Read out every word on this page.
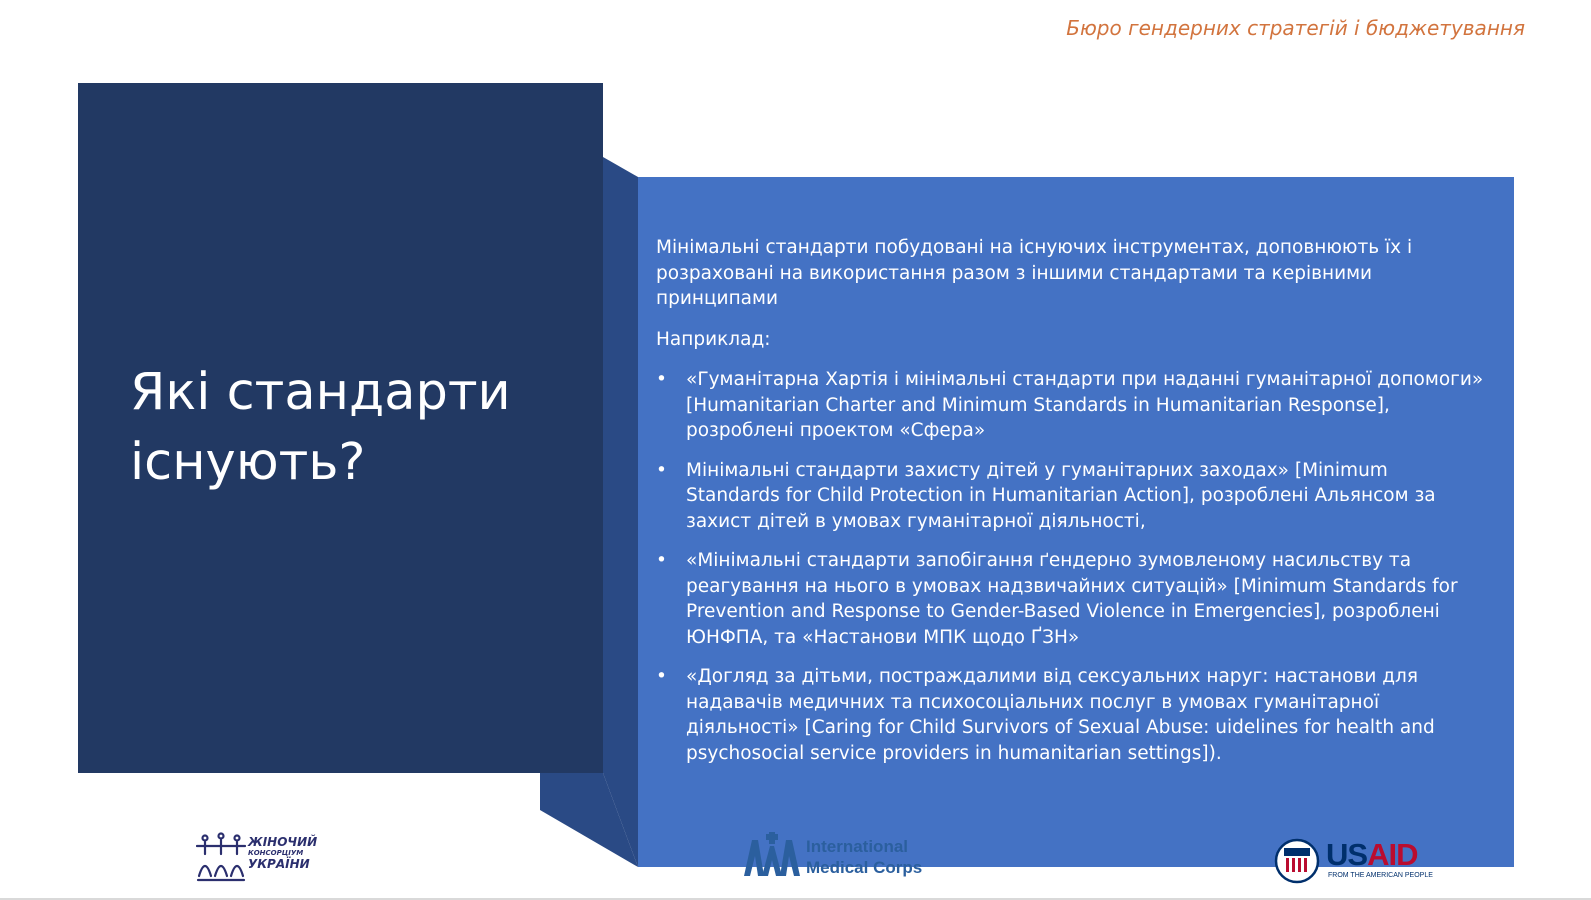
Бюро гендерних стратегій і бюджетування
Які стандарти існують?

Мінімальні стандарти побудовані на існуючих інструментах, доповнюють їх і розраховані на використання разом з іншими стандартами та керівними принципами

Наприклад:

• «Гуманітарна Хартія і мінімальні стандарти при наданні гуманітарної допомоги» [Humanitarian Charter and Minimum Standards in Humanitarian Response], розроблені проектом «Сфера»
• Мінімальні стандарти захисту дітей у гуманітарних заходах» [Minimum Standards for Child Protection in Humanitarian Action], розроблені Альянсом за захист дітей в умовах гуманітарної діяльності,
• «Мінімальні стандарти запобігання ґендерно зумовленому насильству та реагування на нього в умовах надзвичайних ситуацій» [Minimum Standards for Prevention and Response to Gender-Based Violence in Emergencies], розроблені ЮНФПА, та «Настанови МПК щодо ҐЗН»
• «Догляд за дітьми, постраждалими від сексуальних наруг: настанови для надавачів медичних та психосоціальних послуг в умовах гуманітарної діяльності» [Caring for Child Survivors of Sexual Abuse: uidelines for health and psychosocial service providers in humanitarian settings]).
ЖІНОЧИЙ
КОНСОРЦІУМ
УКРАЇНИ
International
Medical Corps	USAID
FROM THE AMERICAN PEOPLE
